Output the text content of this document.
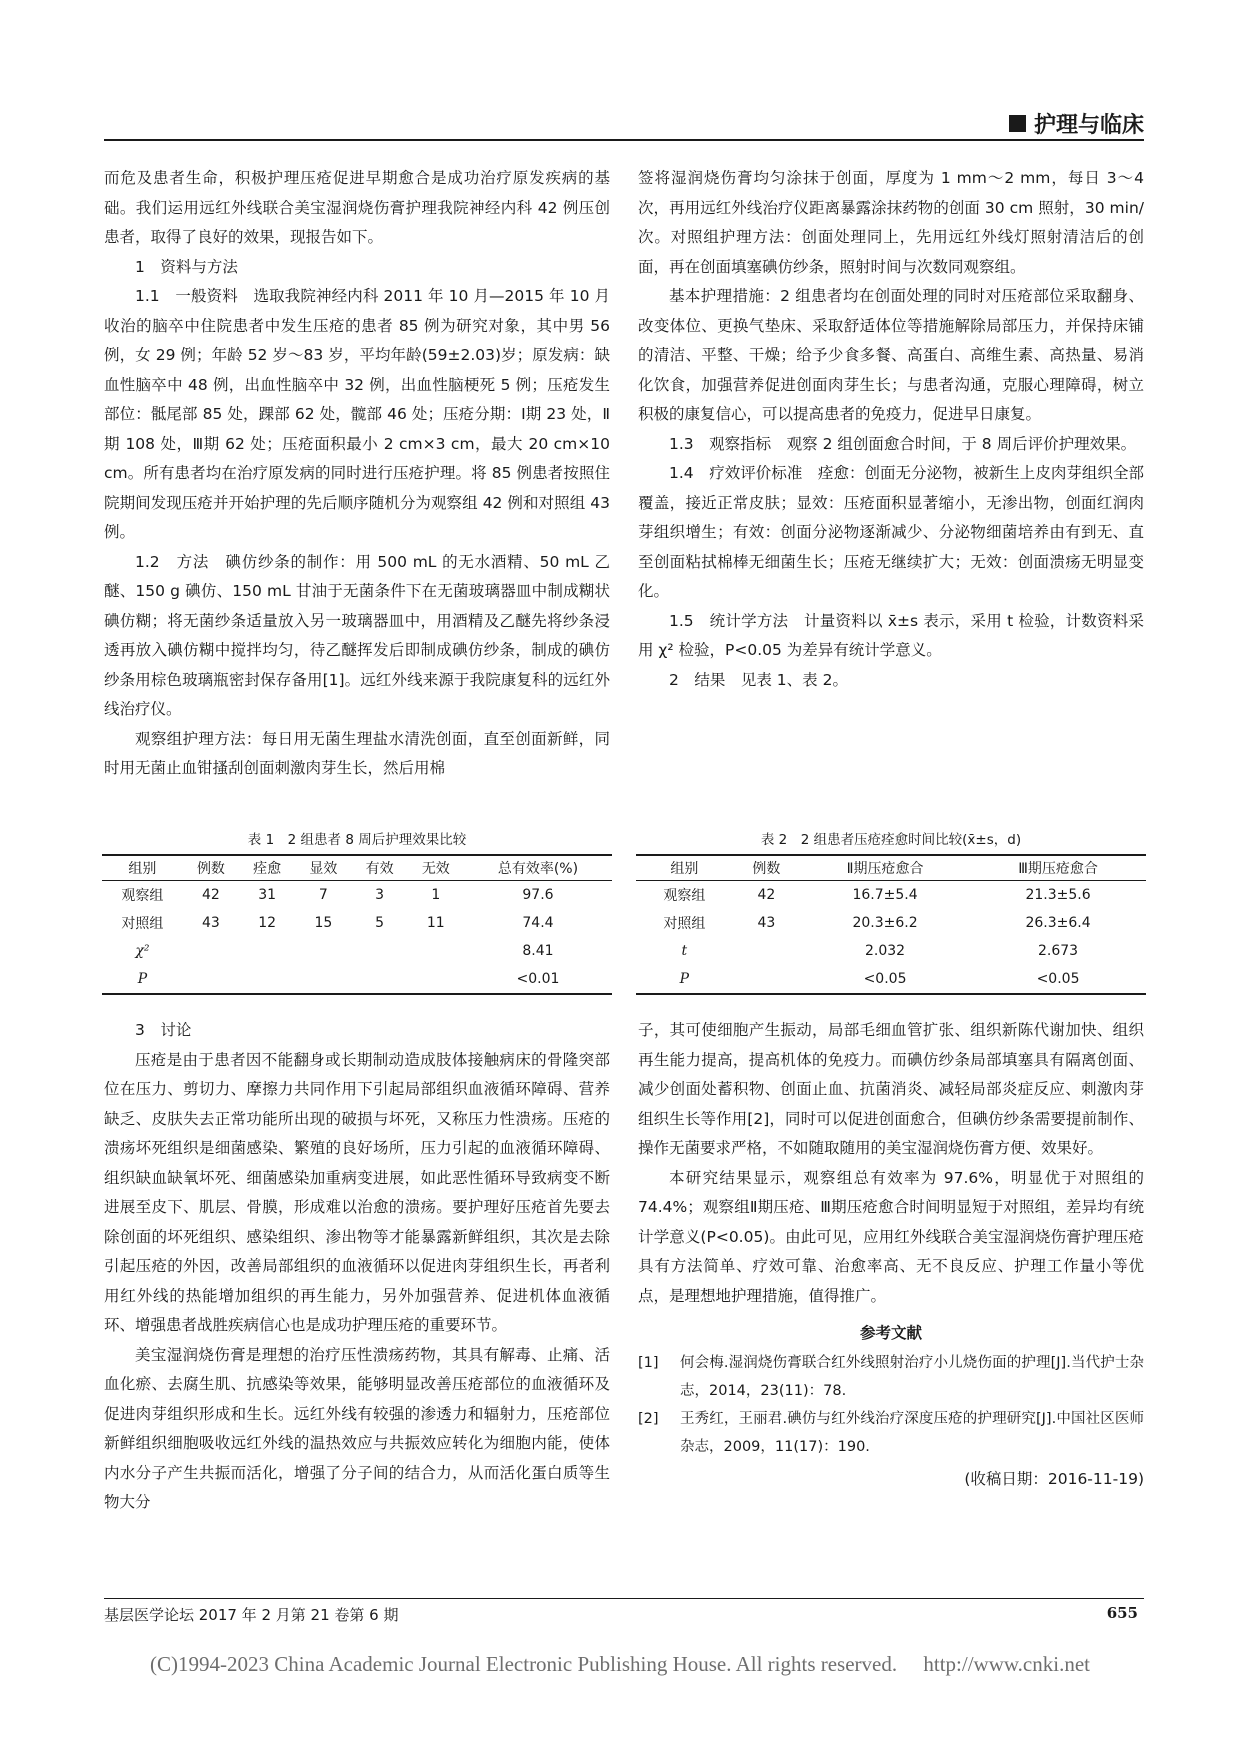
护理与临床

而危及患者生命，积极护理压疮促进早期愈合是成功治疗原发疾病的基础。我们运用远红外线联合美宝湿润烧伤膏护理我院神经内科 42 例压创患者，取得了良好的效果，现报告如下。

1　资料与方法

1.1　一般资料　选取我院神经内科 2011 年 10 月—2015 年 10 月收治的脑卒中住院患者中发生压疮的患者 85 例为研究对象，其中男 56 例，女 29 例；年龄 52 岁～83 岁，平均年龄(59±2.03)岁；原发病：缺血性脑卒中 48 例，出血性脑卒中 32 例，出血性脑梗死 5 例；压疮发生部位：骶尾部 85 处，踝部 62 处，髋部 46 处；压疮分期：Ⅰ期 23 处，Ⅱ期 108 处，Ⅲ期 62 处；压疮面积最小 2 cm×3 cm，最大 20 cm×10 cm。所有患者均在治疗原发病的同时进行压疮护理。将 85 例患者按照住院期间发现压疮并开始护理的先后顺序随机分为观察组 42 例和对照组 43 例。

1.2　方法　碘仿纱条的制作：用 500 mL 的无水酒精、50 mL 乙醚、150 g 碘仿、150 mL 甘油于无菌条件下在无菌玻璃器皿中制成糊状碘仿糊；将无菌纱条适量放入另一玻璃器皿中，用酒精及乙醚先将纱条浸透再放入碘仿糊中搅拌均匀，待乙醚挥发后即制成碘仿纱条，制成的碘仿纱条用棕色玻璃瓶密封保存备用[1]。远红外线来源于我院康复科的远红外线治疗仪。

观察组护理方法：每日用无菌生理盐水清洗创面，直至创面新鲜，同时用无菌止血钳搔刮创面刺激肉芽生长，然后用棉

签将湿润烧伤膏均匀涂抹于创面，厚度为 1 mm～2 mm，每日 3～4 次，再用远红外线治疗仪距离暴露涂抹药物的创面 30 cm 照射，30 min/次。对照组护理方法：创面处理同上，先用远红外线灯照射清洁后的创面，再在创面填塞碘仿纱条，照射时间与次数同观察组。

基本护理措施：2 组患者均在创面处理的同时对压疮部位采取翻身、改变体位、更换气垫床、采取舒适体位等措施解除局部压力，并保持床铺的清洁、平整、干燥；给予少食多餐、高蛋白、高维生素、高热量、易消化饮食，加强营养促进创面肉芽生长；与患者沟通，克服心理障碍，树立积极的康复信心，可以提高患者的免疫力，促进早日康复。

1.3　观察指标　观察 2 组创面愈合时间，于 8 周后评价护理效果。

1.4　疗效评价标准　痊愈：创面无分泌物，被新生上皮肉芽组织全部覆盖，接近正常皮肤；显效：压疮面积显著缩小，无渗出物，创面红润肉芽组织增生；有效：创面分泌物逐渐减少、分泌物细菌培养由有到无、直至创面粘拭棉棒无细菌生长；压疮无继续扩大；无效：创面溃疡无明显变化。

1.5　统计学方法　计量资料以 x̄±s 表示，采用 t 检验，计数资料采用 χ² 检验，P<0.05 为差异有统计学意义。

2　结果　见表 1、表 2。

表 1　2 组患者 8 周后护理效果比较
组别	例数	痊愈	显效	有效	无效	总有效率(%)
观察组	42	31	7	3	1	97.6
对照组	43	12	15	5	11	74.4
χ²						8.41
P						<0.01
表 2　2 组患者压疮痊愈时间比较(x̄±s，d)
组别	例数	Ⅱ期压疮愈合	Ⅲ期压疮愈合
观察组	42	16.7±5.4	21.3±5.6
对照组	43	20.3±6.2	26.3±6.4
t		2.032	2.673
P		<0.05	<0.05
3　讨论

压疮是由于患者因不能翻身或长期制动造成肢体接触病床的骨隆突部位在压力、剪切力、摩擦力共同作用下引起局部组织血液循环障碍、营养缺乏、皮肤失去正常功能所出现的破损与坏死，又称压力性溃疡。压疮的溃疡坏死组织是细菌感染、繁殖的良好场所，压力引起的血液循环障碍、组织缺血缺氧坏死、细菌感染加重病变进展，如此恶性循环导致病变不断进展至皮下、肌层、骨膜，形成难以治愈的溃疡。要护理好压疮首先要去除创面的坏死组织、感染组织、渗出物等才能暴露新鲜组织，其次是去除引起压疮的外因，改善局部组织的血液循环以促进肉芽组织生长，再者利用红外线的热能增加组织的再生能力，另外加强营养、促进机体血液循环、增强患者战胜疾病信心也是成功护理压疮的重要环节。

美宝湿润烧伤膏是理想的治疗压性溃疡药物，其具有解毒、止痛、活血化瘀、去腐生肌、抗感染等效果，能够明显改善压疮部位的血液循环及促进肉芽组织形成和生长。远红外线有较强的渗透力和辐射力，压疮部位新鲜组织细胞吸收远红外线的温热效应与共振效应转化为细胞内能，使体内水分子产生共振而活化，增强了分子间的结合力，从而活化蛋白质等生物大分

子，其可使细胞产生振动，局部毛细血管扩张、组织新陈代谢加快、组织再生能力提高，提高机体的免疫力。而碘仿纱条局部填塞具有隔离创面、减少创面处蓄积物、创面止血、抗菌消炎、减轻局部炎症反应、刺激肉芽组织生长等作用[2]，同时可以促进创面愈合，但碘仿纱条需要提前制作、操作无菌要求严格，不如随取随用的美宝湿润烧伤膏方便、效果好。

本研究结果显示，观察组总有效率为 97.6%，明显优于对照组的 74.4%；观察组Ⅱ期压疮、Ⅲ期压疮愈合时间明显短于对照组，差异均有统计学意义(P<0.05)。由此可见，应用红外线联合美宝湿润烧伤膏护理压疮具有方法简单、疗效可靠、治愈率高、无不良反应、护理工作量小等优点，是理想地护理措施，值得推广。

参考文献
[1]	何会梅.湿润烧伤膏联合红外线照射治疗小儿烧伤面的护理[J].当代护士杂志，2014，23(11)：78.
[2]	王秀红，王丽君.碘仿与红外线治疗深度压疮的护理研究[J].中国社区医师杂志，2009，11(17)：190.
(收稿日期：2016-11-19)
基层医学论坛 2017 年 2 月第 21 卷第 6 期	655
(C)1994-2023 China Academic Journal Electronic Publishing House. All rights reserved.　 http://www.cnki.net
